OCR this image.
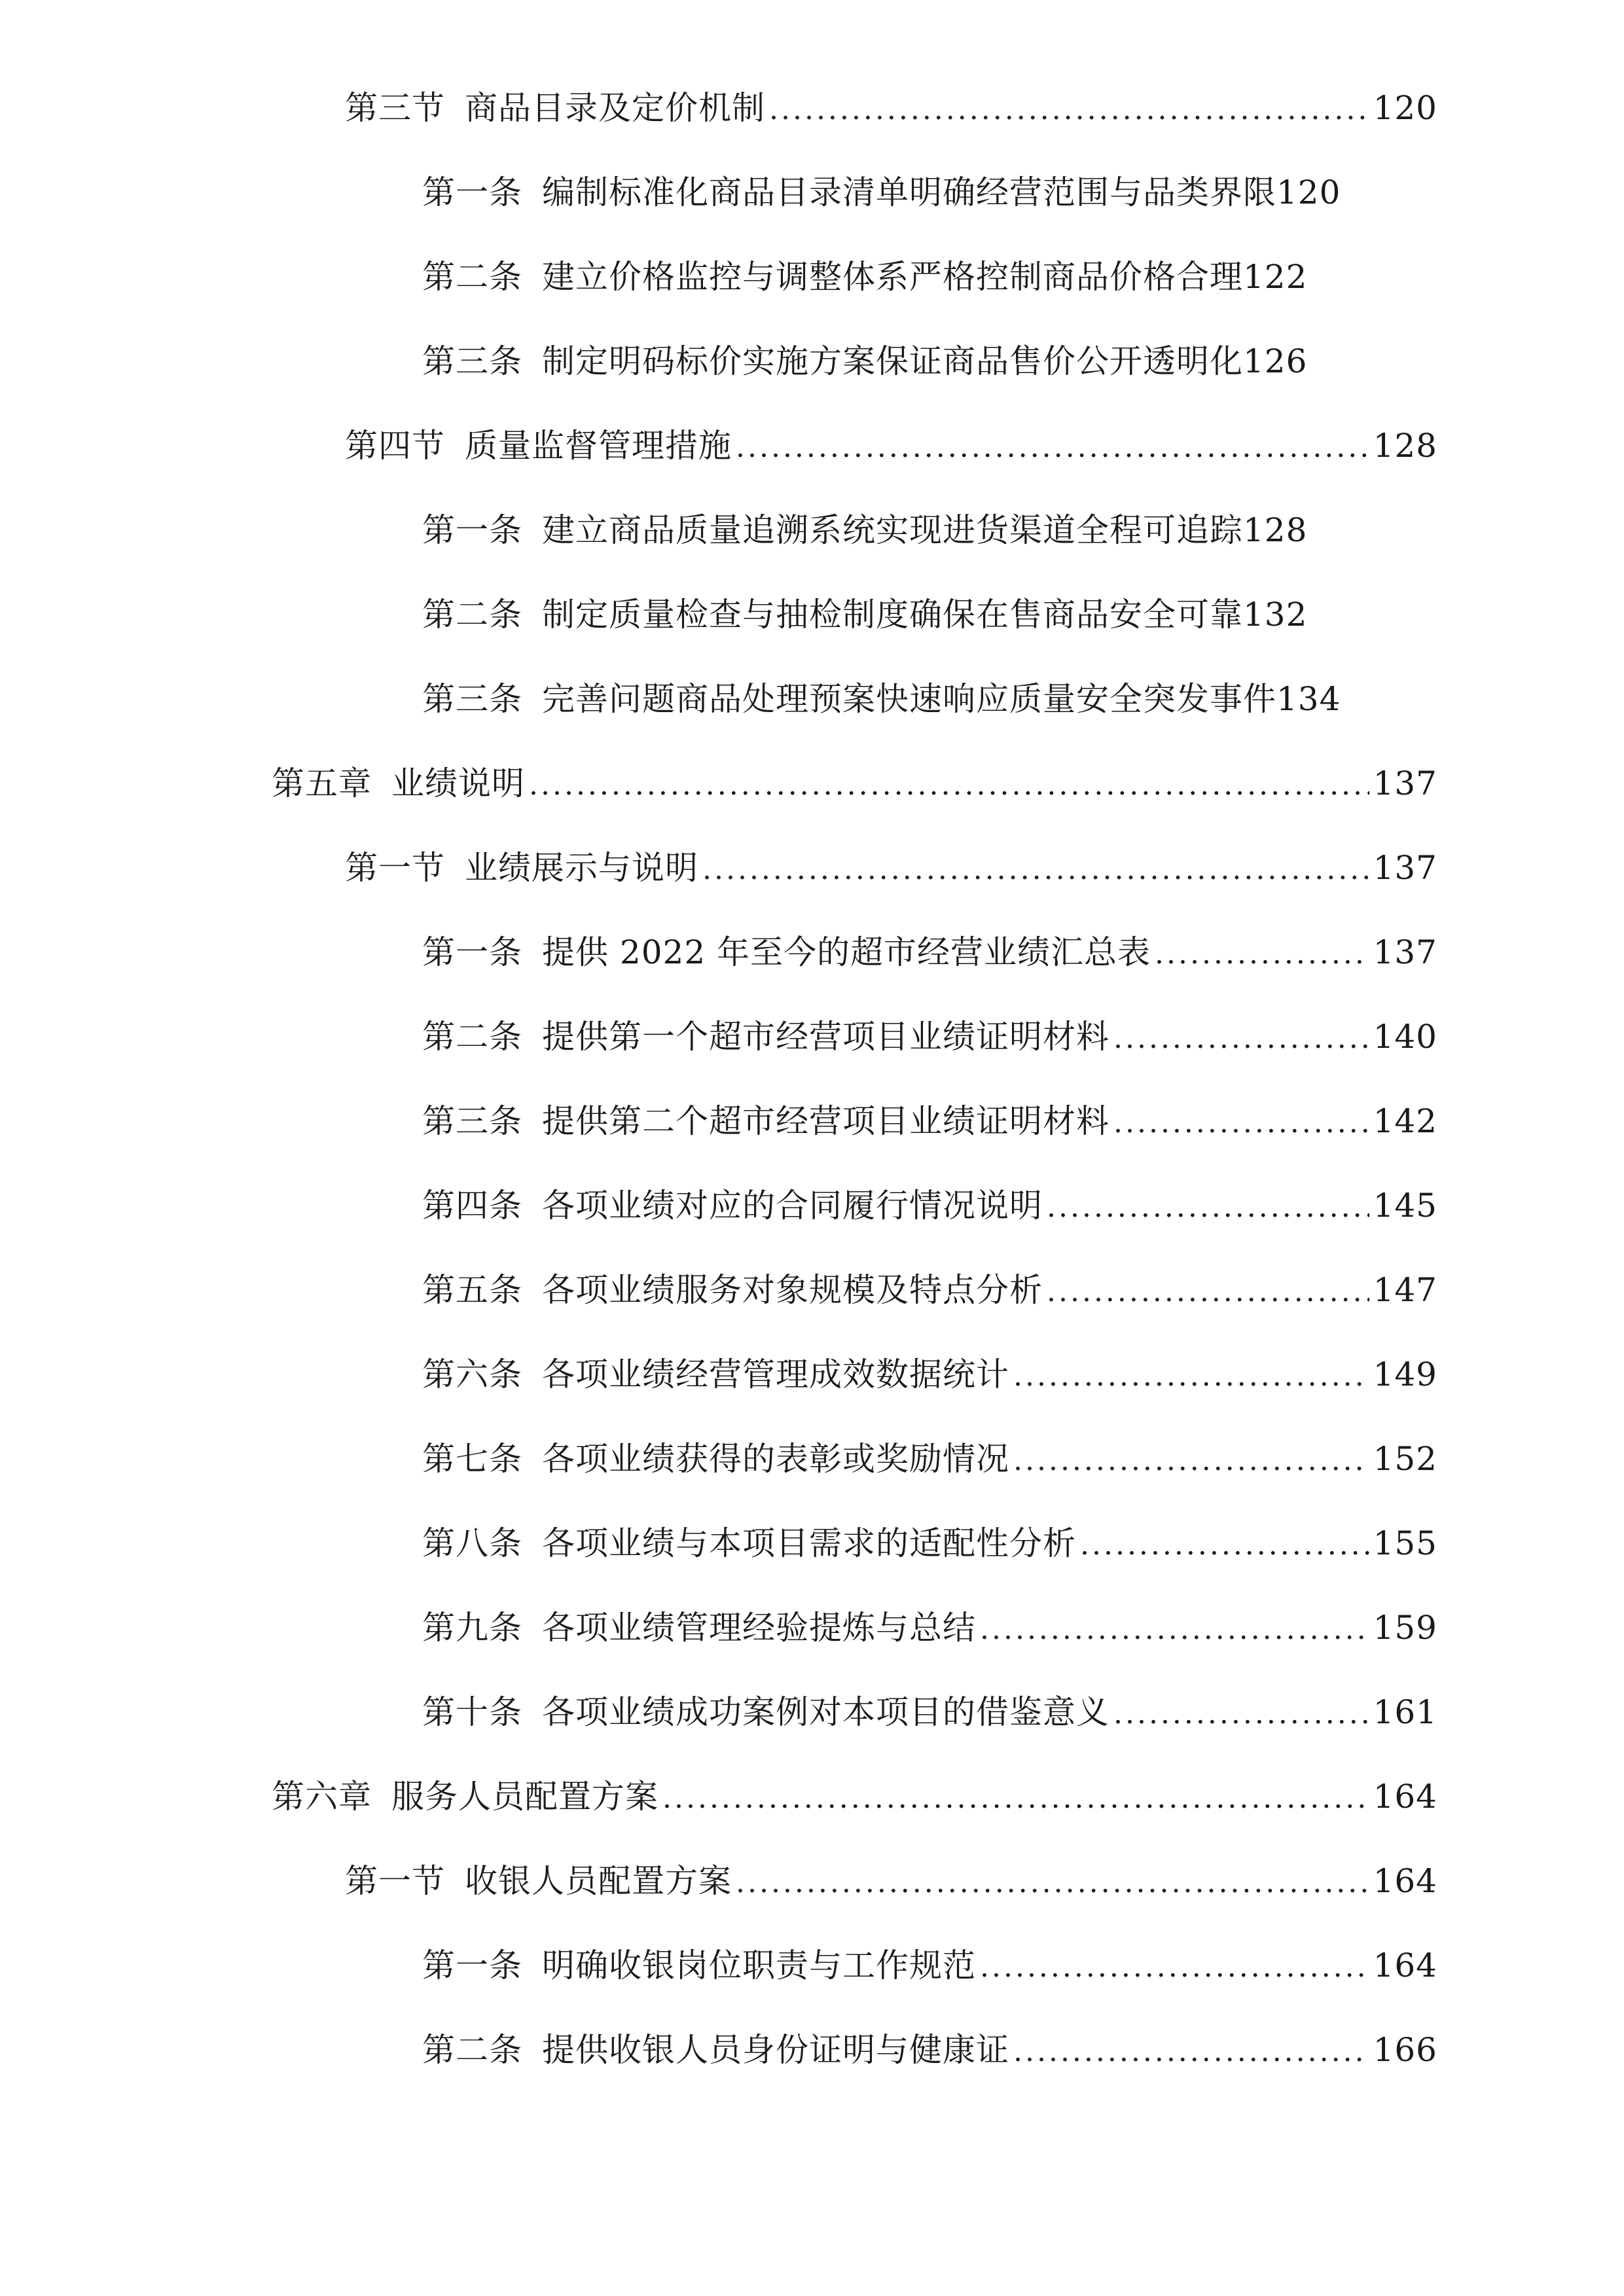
第三节 商品目录及定价机制 .....	120
第一条 编制标准化商品目录清单明确经营范围与品类界限 120
第二条 建立价格监控与调整体系严格控制商品价格合理 122
第三条 制定明码标价实施方案保证商品售价公开透明化 126
第四节 质量监督管理措施 .....	128
第一条 建立商品质量追溯系统实现进货渠道全程可追踪 128
第二条 制定质量检查与抽检制度确保在售商品安全可靠 132
第三条 完善问题商品处理预案快速响应质量安全突发事件 134
第五章 业绩说明 .....	137
第一节 业绩展示与说明 .....	137
第一条 提供 2022 年至今的超市经营业绩汇总表 .....	137
第二条 提供第一个超市经营项目业绩证明材料 .....	140
第三条 提供第二个超市经营项目业绩证明材料 .....	142
第四条 各项业绩对应的合同履行情况说明 .....	145
第五条 各项业绩服务对象规模及特点分析 .....	147
第六条 各项业绩经营管理成效数据统计 .....	149
第七条 各项业绩获得的表彰或奖励情况 .....	152
第八条 各项业绩与本项目需求的适配性分析 .....	155
第九条 各项业绩管理经验提炼与总结 .....	159
第十条 各项业绩成功案例对本项目的借鉴意义 .....	161
第六章 服务人员配置方案 .....	164
第一节 收银人员配置方案 .....	164
第一条 明确收银岗位职责与工作规范 .....	164
第二条 提供收银人员身份证明与健康证 .....	166
